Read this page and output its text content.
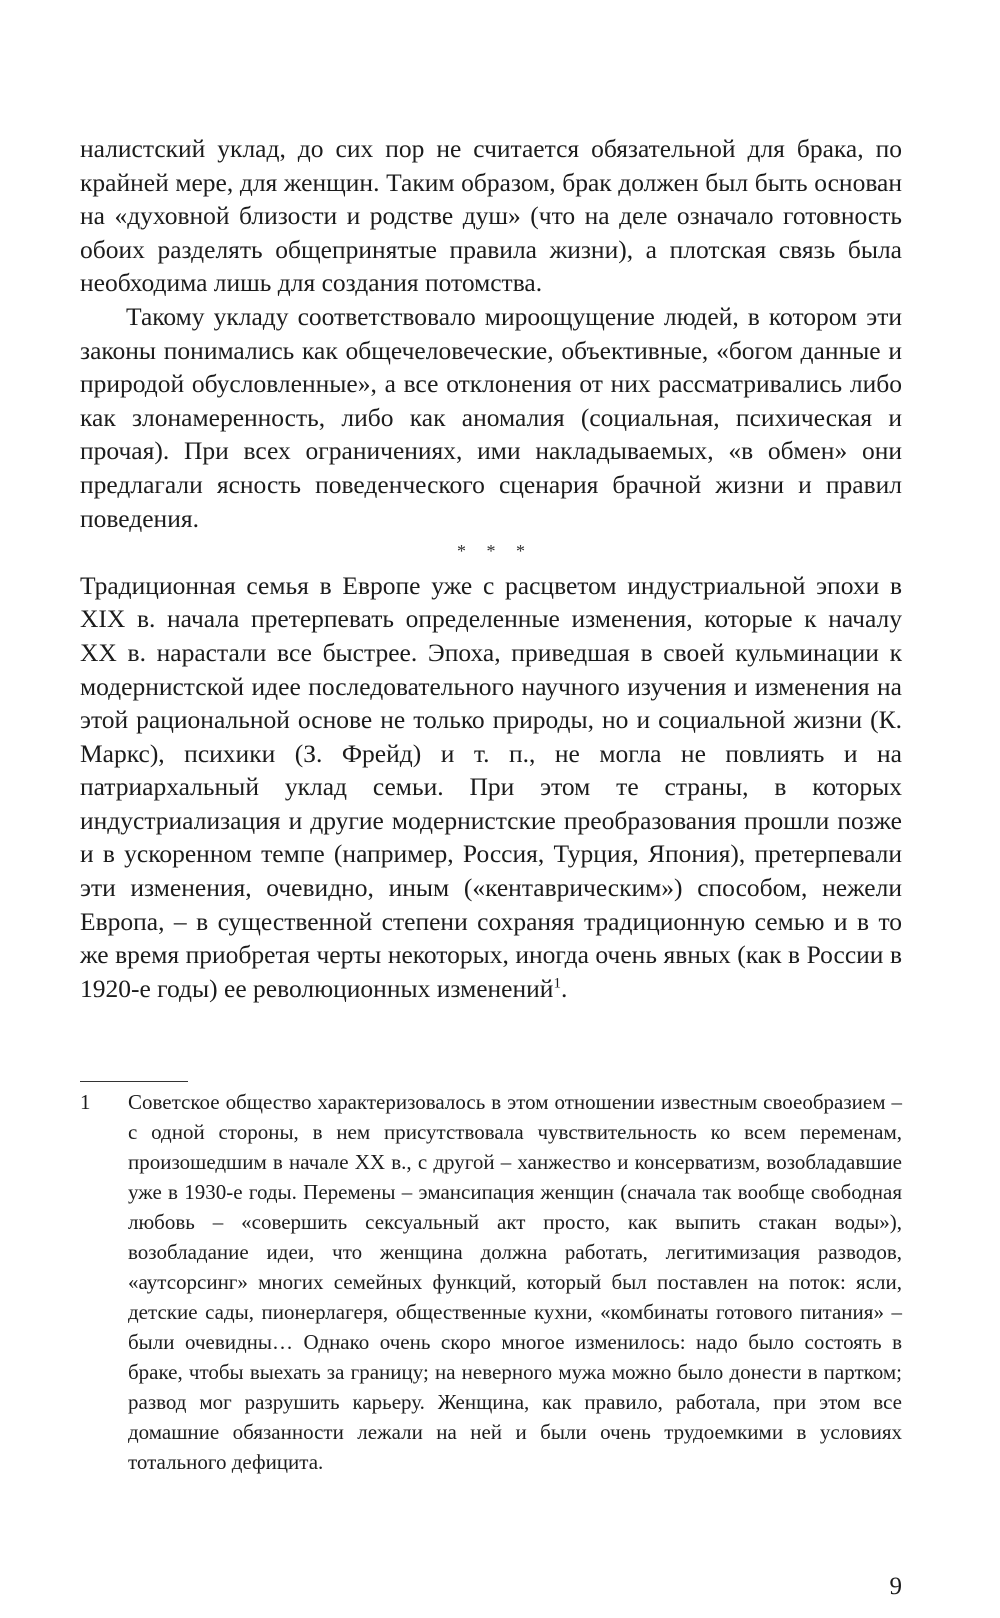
налистский уклад, до сих пор не считается обязательной для брака, по крайней мере, для женщин. Таким образом, брак должен был быть основан на «духовной близости и родстве душ» (что на деле означало готовность обоих разделять общепринятые правила жизни), а плотская связь была необходима лишь для создания потомства.

Такому укладу соответствовало мироощущение людей, в котором эти законы понимались как общечеловеческие, объективные, «богом данные и природой обусловленные», а все отклонения от них рассматривались либо как злонамеренность, либо как аномалия (социальная, психическая и прочая). При всех ограничениях, ими накладываемых, «в обмен» они предлагали ясность поведенческого сценария брачной жизни и правил поведения.

* * *

Традиционная семья в Европе уже с расцветом индустриальной эпохи в XIX в. начала претерпевать определенные изменения, которые к началу XX в. нарастали все быстрее. Эпоха, приведшая в своей кульминации к модернистской идее последовательного научного изучения и изменения на этой рациональной основе не только природы, но и социальной жизни (К. Маркс), психики (З. Фрейд) и т. п., не могла не повлиять и на патриархальный уклад семьи. При этом те страны, в которых индустриализация и другие модернистские преобразования прошли позже и в ускоренном темпе (например, Россия, Турция, Япония), претерпевали эти изменения, очевидно, иным («кентаврическим») способом, нежели Европа, – в существенной степени сохраняя традиционную семью и в то же время приобретая черты некоторых, иногда очень явных (как в России в 1920-е годы) ее революционных изменений$^1$.

1	Советское общество характеризовалось в этом отношении известным своеобразием – с одной стороны, в нем присутствовала чувствительность ко всем переменам, произошедшим в начале XX в., с другой – ханжество и консерватизм, возобладавшие уже в 1930-е годы. Перемены – эмансипация женщин (сначала так вообще свободная любовь – «совершить сексуальный акт просто, как выпить стакан воды»), возобладание идеи, что женщина должна работать, легитимизация разводов, «аутсорсинг» многих семейных функций, который был поставлен на поток: ясли, детские сады, пионерлагеря, общественные кухни, «комбинаты готового питания» – были очевидны… Однако очень скоро многое изменилось: надо было состоять в браке, чтобы выехать за границу; на неверного мужа можно было донести в партком; развод мог разрушить карьеру. Женщина, как правило, работала, при этом все домашние обязанности лежали на ней и были очень трудоемкими в условиях тотального дефицита.

9
